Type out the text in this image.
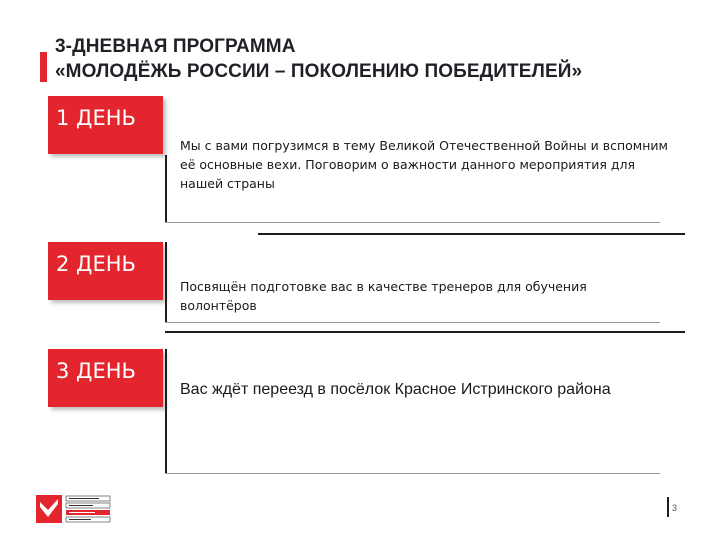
3-ДНЕВНАЯ ПРОГРАММА
«МОЛОДЁЖЬ РОССИИ – ПОКОЛЕНИЮ ПОБЕДИТЕЛЕЙ»
1 ДЕНЬ
Мы с вами погрузимся в тему Великой Отечественной Войны и вспомним её основные вехи. Поговорим о важности данного мероприятия для нашей страны
2 ДЕНЬ
Посвящён подготовке вас в качестве тренеров для обучения волонтёров
3 ДЕНЬ
Вас ждёт переезд в посёлок Красное Истринского района
3
